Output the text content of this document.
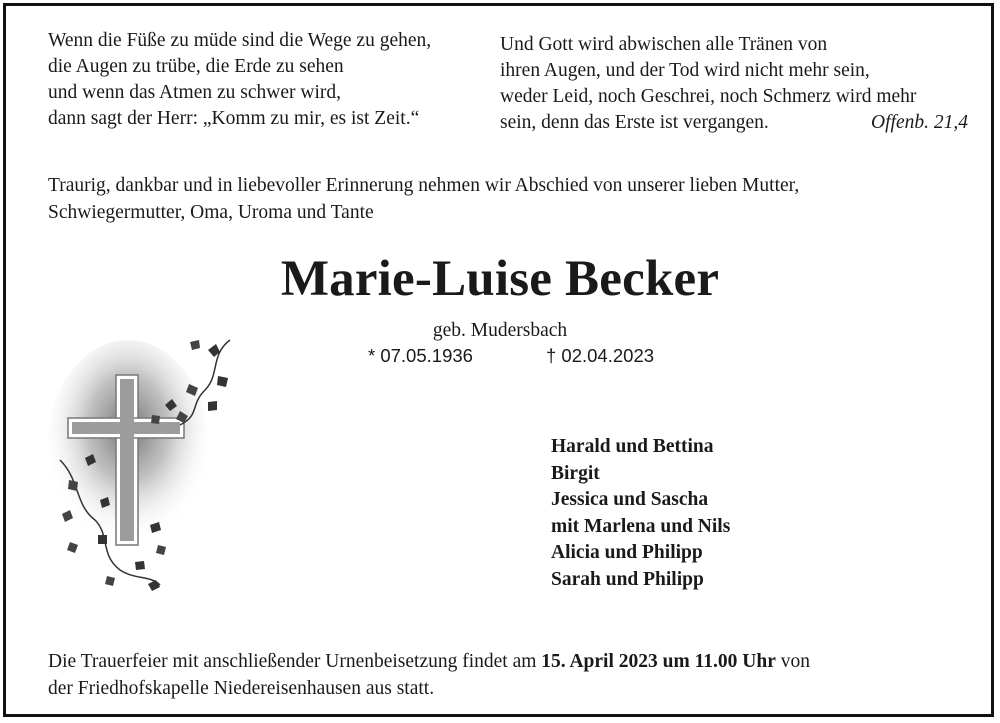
Wenn die Füße zu müde sind die Wege zu gehen,
die Augen zu trübe, die Erde zu sehen
und wenn das Atmen zu schwer wird,
dann sagt der Herr: „Komm zu mir, es ist Zeit.“
Und Gott wird abwischen alle Tränen von
ihren Augen, und der Tod wird nicht mehr sein,
weder Leid, noch Geschrei, noch Schmerz wird mehr
sein, denn das Erste ist vergangen.	Offenb. 21,4
Traurig, dankbar und in liebevoller Erinnerung nehmen wir Abschied von unserer lieben Mutter,
Schwiegermutter, Oma, Uroma und Tante
Marie-Luise Becker
geb. Mudersbach
* 07.05.1936	† 02.04.2023
Harald und Bettina
Birgit
Jessica und Sascha
mit Marlena und Nils
Alicia und Philipp
Sarah und Philipp
Die Trauerfeier mit anschließender Urnenbeisetzung findet am 15. April 2023 um 11.00 Uhr von
der Friedhofskapelle Niedereisenhausen aus statt.
